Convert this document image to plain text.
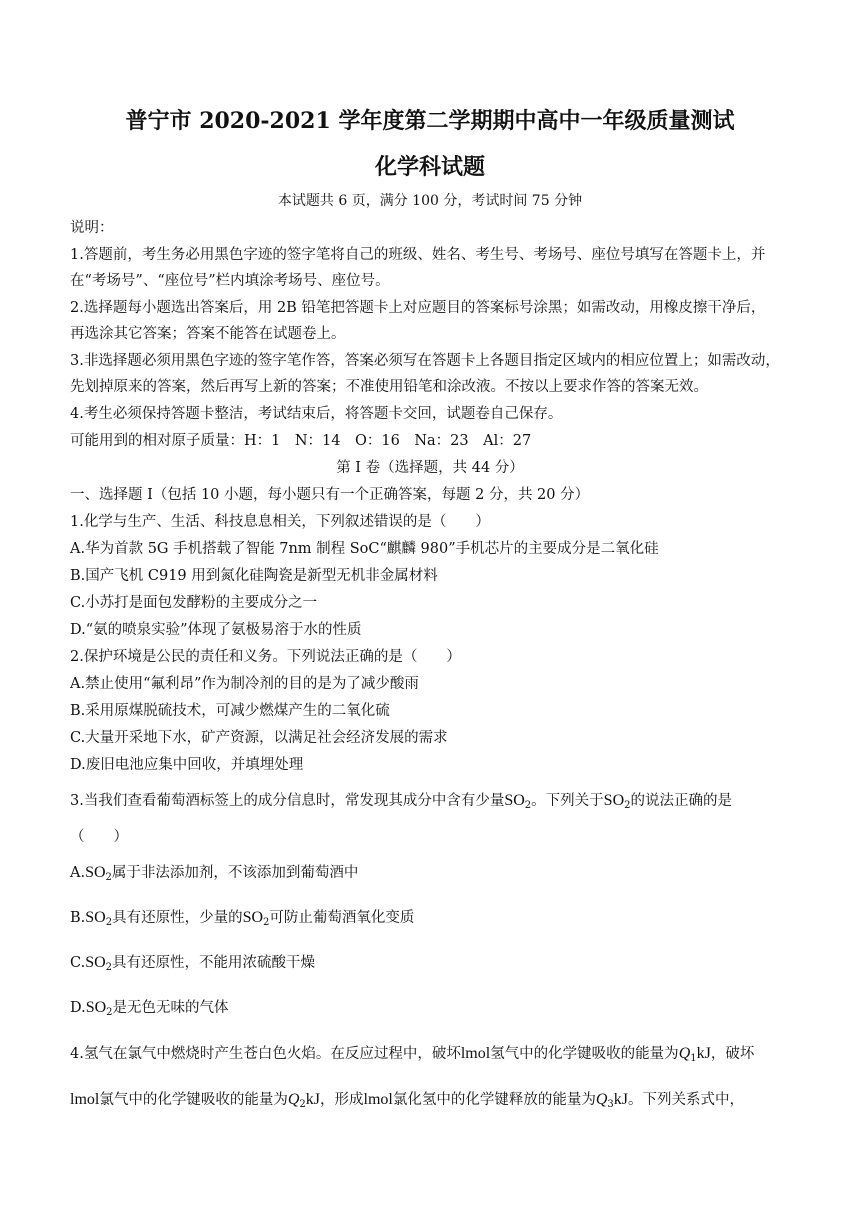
普宁市 2020-2021 学年度第二学期期中高中一年级质量测试
化学科试题
本试题共 6 页，满分 100 分，考试时间 75 分钟
说明：
1.答题前，考生务必用黑色字迹的签字笔将自己的班级、姓名、考生号、考场号、座位号填写在答题卡上，并
在“考场号”、“座位号”栏内填涂考场号、座位号。
2.选择题每小题选出答案后，用 2B 铅笔把答题卡上对应题目的答案标号涂黑；如需改动，用橡皮擦干净后，
再选涂其它答案；答案不能答在试题卷上。
3.非选择题必须用黑色字迹的签字笔作答，答案必须写在答题卡上各题目指定区域内的相应位置上；如需改动，
先划掉原来的答案，然后再写上新的答案；不准使用铅笔和涂改液。不按以上要求作答的答案无效。
4.考生必须保持答题卡整洁，考试结束后，将答题卡交回，试题卷自己保存。
可能用到的相对原子质量：H：1　N：14　O：16　Na：23　Al：27
第 I 卷（选择题，共 44 分）
一、选择题 I（包括 10 小题，每小题只有一个正确答案，每题 2 分，共 20 分）
1.化学与生产、生活、科技息息相关，下列叙述错误的是（　　）
A.华为首款 5G 手机搭载了智能 7nm 制程 SoC“麒麟 980”手机芯片的主要成分是二氧化硅
B.国产飞机 C919 用到氮化硅陶瓷是新型无机非金属材料
C.小苏打是面包发酵粉的主要成分之一
D.“氨的喷泉实验”体现了氨极易溶于水的性质
2.保护环境是公民的责任和义务。下列说法正确的是（　　）
A.禁止使用“氟利昂”作为制冷剂的目的是为了减少酸雨
B.采用原煤脱硫技术，可减少燃煤产生的二氧化硫
C.大量开采地下水，矿产资源，以满足社会经济发展的需求
D.废旧电池应集中回收，并填埋处理
3.当我们查看葡萄酒标签上的成分信息时，常发现其成分中含有少量$SO_2$。下列关于$SO_2$的说法正确的是
（　　）
$A.SO_2$属于非法添加剂，不该添加到葡萄酒中
$B.SO_2$具有还原性，少量的$SO_2$可防止葡萄酒氧化变质
$C.SO_2$具有还原性，不能用浓硫酸干燥
$D.SO_2$是无色无味的气体
4.氢气在氯气中燃烧时产生苍白色火焰。在反应过程中，破坏lmol氢气中的化学键吸收的能量为$Q_1kJ$，破坏
lmol氯气中的化学键吸收的能量为$Q_2kJ$，形成lmol氯化氢中的化学键释放的能量为$Q_3kJ$。下列关系式中，
